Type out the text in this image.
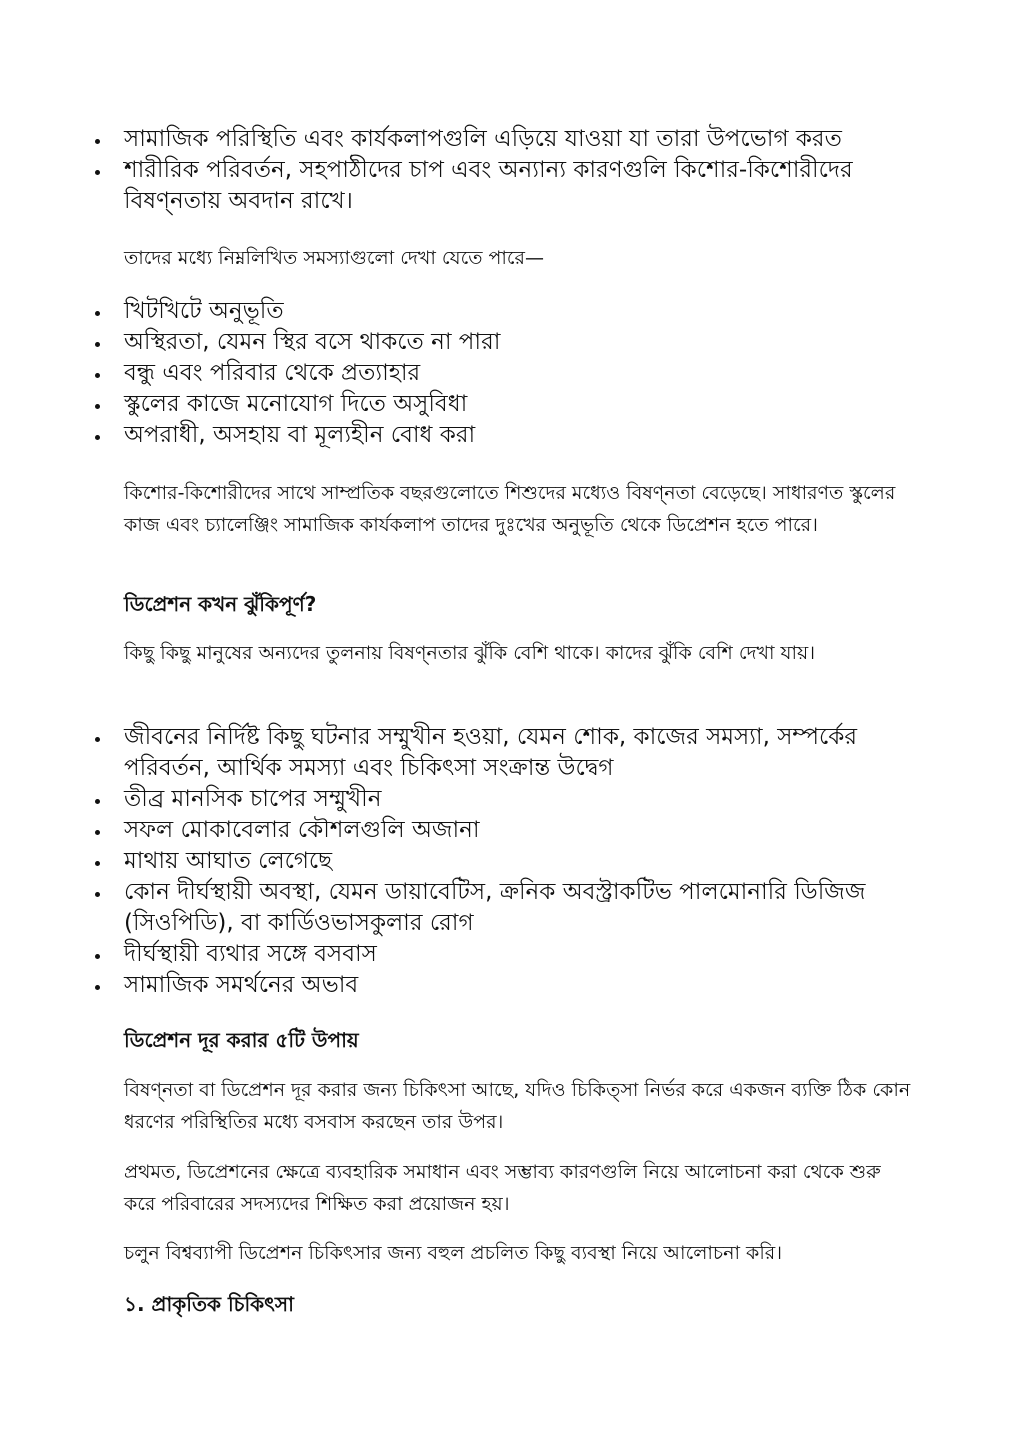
সামাজিক পরিস্থিতি এবং কার্যকলাপগুলি এড়িয়ে যাওয়া যা তারা উপভোগ করত
শারীরিক পরিবর্তন, সহপাঠীদের চাপ এবং অন্যান্য কারণগুলি কিশোর-কিশোরীদের বিষণ্নতায় অবদান রাখে।

তাদের মধ্যে নিম্নলিখিত সমস্যাগুলো দেখা যেতে পারে—

খিটখিটে অনুভূতি
অস্থিরতা, যেমন স্থির বসে থাকতে না পারা
বন্ধু এবং পরিবার থেকে প্রত্যাহার
স্কুলের কাজে মনোযোগ দিতে অসুবিধা
অপরাধী, অসহায় বা মূল্যহীন বোধ করা

কিশোর-কিশোরীদের সাথে সাম্প্রতিক বছরগুলোতে শিশুদের মধ্যেও বিষণ্নতা বেড়েছে। সাধারণত স্কুলের কাজ এবং চ্যালেঞ্জিং সামাজিক কার্যকলাপ তাদের দুঃখের অনুভূতি থেকে ডিপ্রেশন হতে পারে।

ডিপ্রেশন কখন ঝুঁকিপূর্ণ?

কিছু কিছু মানুষের অন্যদের তুলনায় বিষণ্নতার ঝুঁকি বেশি থাকে। কাদের ঝুঁকি বেশি দেখা যায়।

জীবনের নির্দিষ্ট কিছু ঘটনার সম্মুখীন হওয়া, যেমন শোক, কাজের সমস্যা, সম্পর্কের পরিবর্তন, আর্থিক সমস্যা এবং চিকিৎসা সংক্রান্ত উদ্বেগ
তীব্র মানসিক চাপের সম্মুখীন
সফল মোকাবেলার কৌশলগুলি অজানা
মাথায় আঘাত লেগেছে
কোন দীর্ঘস্থায়ী অবস্থা, যেমন ডায়াবেটিস, ক্রনিক অবস্ট্রাকটিভ পালমোনারি ডিজিজ (সিওপিডি), বা কার্ডিওভাসকুলার রোগ
দীর্ঘস্থায়ী ব্যথার সঙ্গে বসবাস
সামাজিক সমর্থনের অভাব
ডিপ্রেশন দূর করার ৫টি উপায়

বিষণ্নতা বা ডিপ্রেশন দূর করার জন্য চিকিৎসা আছে, যদিও চিকিত্সা নির্ভর করে একজন ব্যক্তি ঠিক কোন ধরণের পরিস্থিতির মধ্যে বসবাস করছেন তার উপর।

প্রথমত, ডিপ্রেশনের ক্ষেত্রে ব্যবহারিক সমাধান এবং সম্ভাব্য কারণগুলি নিয়ে আলোচনা করা থেকে শুরু করে পরিবারের সদস্যদের শিক্ষিত করা প্রয়োজন হয়।

চলুন বিশ্বব্যাপী ডিপ্রেশন চিকিৎসার জন্য বহুল প্রচলিত কিছু ব্যবস্থা নিয়ে আলোচনা করি।

১. প্রাকৃতিক চিকিৎসা
